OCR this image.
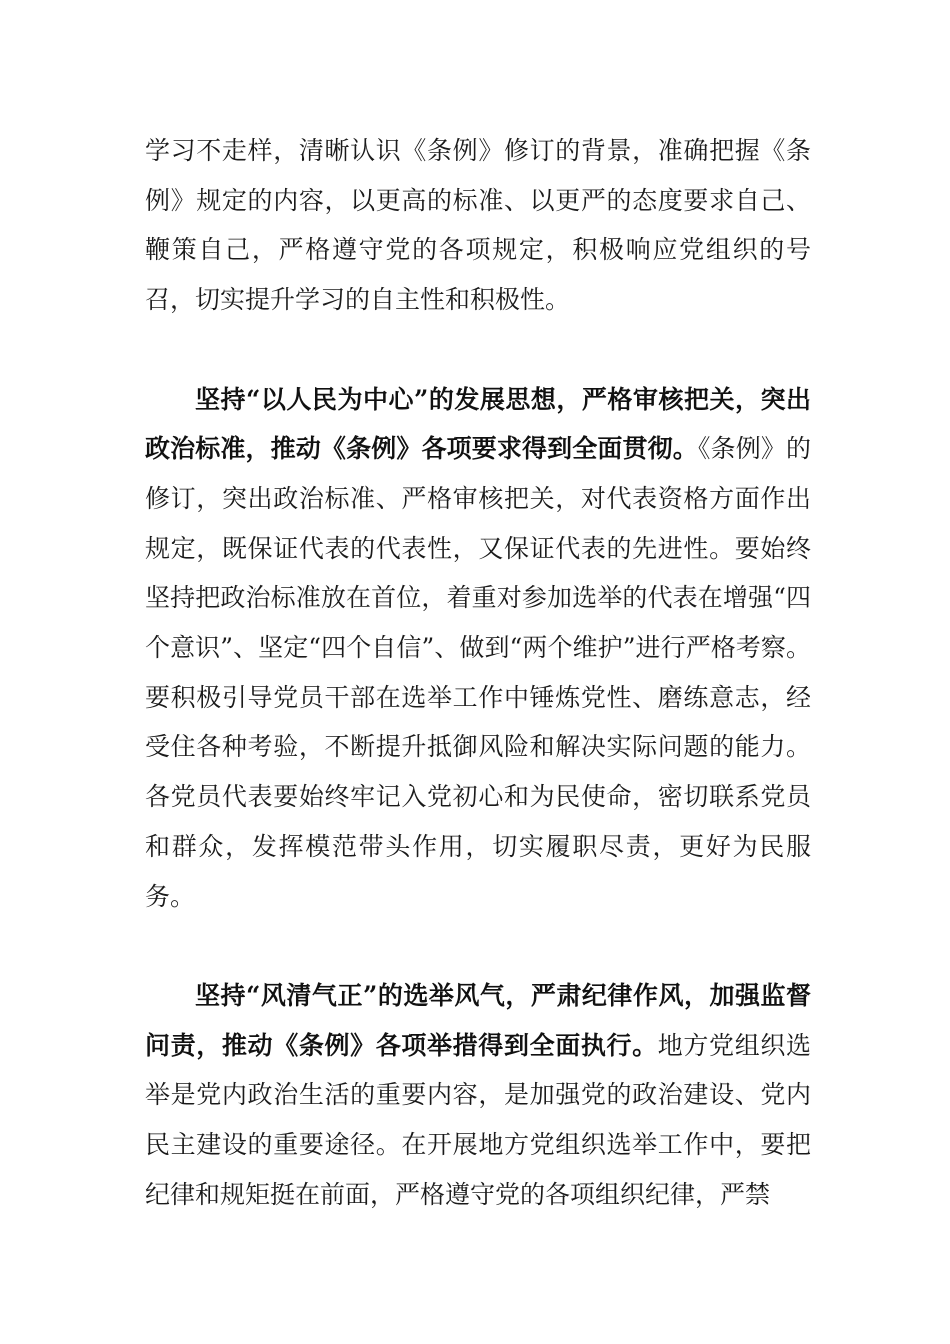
学习不走样，清晰认识《条例》修订的背景，准确把握《条例》规定的内容，以更高的标准、以更严的态度要求自己、鞭策自己，严格遵守党的各项规定，积极响应党组织的号召，切实提升学习的自主性和积极性。

坚持“以人民为中心”的发展思想，严格审核把关，突出政治标准，推动《条例》各项要求得到全面贯彻。《条例》的修订，突出政治标准、严格审核把关，对代表资格方面作出规定，既保证代表的代表性，又保证代表的先进性。要始终坚持把政治标准放在首位，着重对参加选举的代表在增强“四个意识”、坚定“四个自信”、做到“两个维护”进行严格考察。要积极引导党员干部在选举工作中锤炼党性、磨练意志，经受住各种考验，不断提升抵御风险和解决实际问题的能力。各党员代表要始终牢记入党初心和为民使命，密切联系党员和群众，发挥模范带头作用，切实履职尽责，更好为民服务。

坚持“风清气正”的选举风气，严肃纪律作风，加强监督问责，推动《条例》各项举措得到全面执行。地方党组织选举是党内政治生活的重要内容，是加强党的政治建设、党内民主建设的重要途径。在开展地方党组织选举工作中，要把纪律和规矩挺在前面，严格遵守党的各项组织纪律，严禁
